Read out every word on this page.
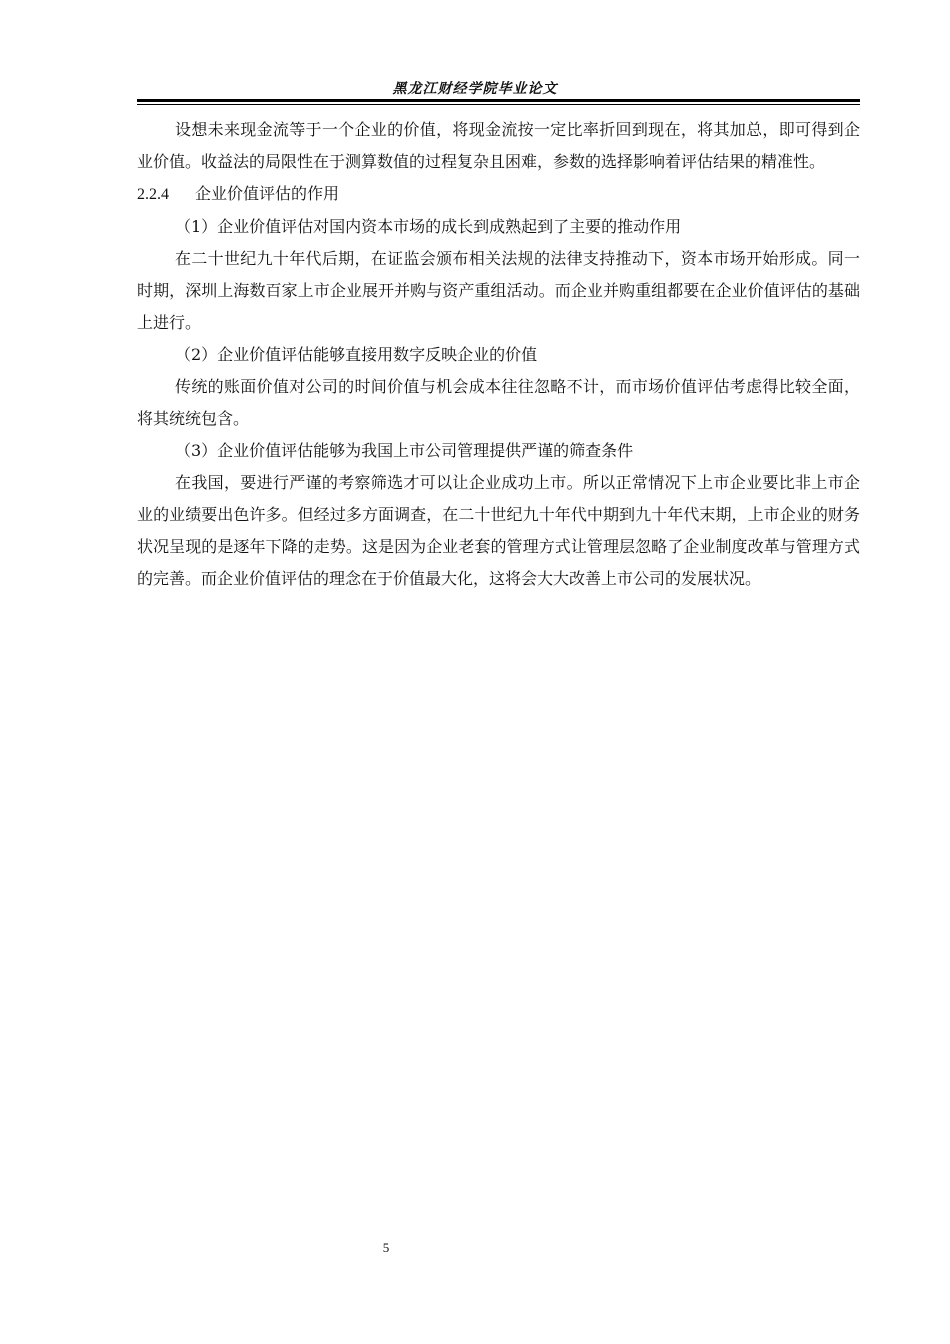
黑龙江财经学院毕业论文

设想未来现金流等于一个企业的价值，将现金流按一定比率折回到现在，将其加总，即可得到企业价值。收益法的局限性在于测算数值的过程复杂且困难，参数的选择影响着评估结果的精准性。

2.2.4 企业价值评估的作用
（1）企业价值评估对国内资本市场的成长到成熟起到了主要的推动作用

在二十世纪九十年代后期，在证监会颁布相关法规的法律支持推动下，资本市场开始形成。同一时期，深圳上海数百家上市企业展开并购与资产重组活动。而企业并购重组都要在企业价值评估的基础上进行。

（2）企业价值评估能够直接用数字反映企业的价值

传统的账面价值对公司的时间价值与机会成本往往忽略不计，而市场价值评估考虑得比较全面，将其统统包含。

（3）企业价值评估能够为我国上市公司管理提供严谨的筛查条件

在我国，要进行严谨的考察筛选才可以让企业成功上市。所以正常情况下上市企业要比非上市企业的业绩要出色许多。但经过多方面调查，在二十世纪九十年代中期到九十年代末期，上市企业的财务状况呈现的是逐年下降的走势。这是因为企业老套的管理方式让管理层忽略了企业制度改革与管理方式的完善。而企业价值评估的理念在于价值最大化，这将会大大改善上市公司的发展状况。

5
